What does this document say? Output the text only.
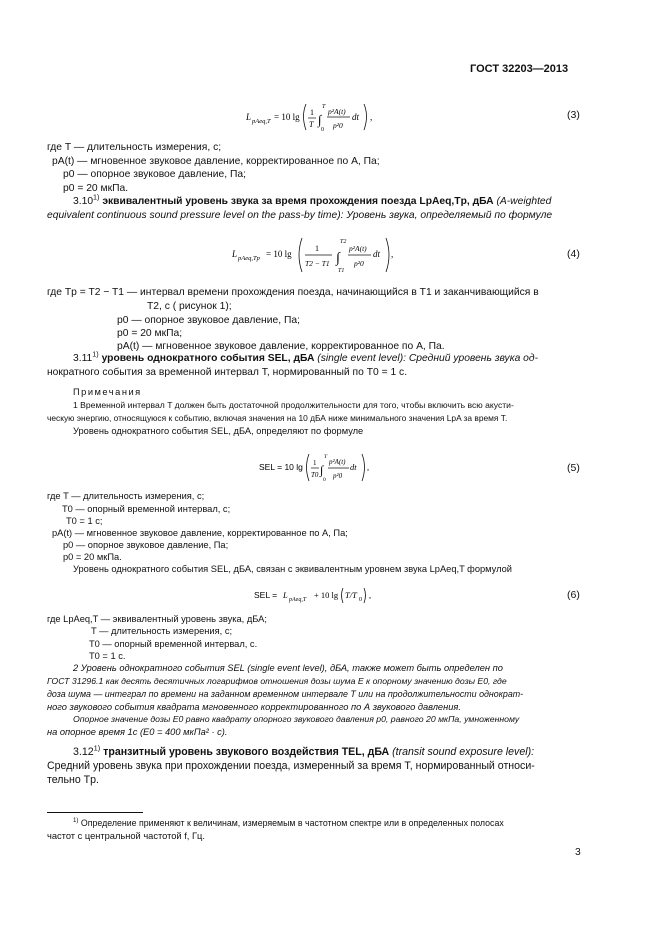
ГОСТ 32203—2013
L pAeq,T = 10 lg 1
T ∫
T
0
p²A(t)
p²0
dt ,	(3)
где T — длительность измерения, с;
pA(t) — мгновенное звуковое давление, корректированное по А, Па;
p0 — опорное звуковое давление, Па;
p0 = 20 мкПа.
3.10$^{1)}$ эквивалентный уровень звука за время прохождения поезда LpAeq,Tp, дБА (A-weighted
equivalent continuous sound pressure level on the pass-by time): Уровень звука, определяемый по формуле
L pAeq,Tp = 10 lg
1
T2 − T1 ∫
T2
T1
p²A(t)
p²0
dt ,	(4)
где Tp = T2 − T1 — интервал времени прохождения поезда, начинающийся в T1 и заканчивающийся в
T2, с ( рисунок 1);
p0 — опорное звуковое давление, Па;
p0 = 20 мкПа;
pA(t) — мгновенное звуковое давление, корректированное по А, Па.
3.11$^{1)}$ уровень однократного события SEL, дБА (single event level): Средний уровень звука од-
нократного события за временной интервал T, нормированный по T0 = 1 с.
Примечания
1 Временной интервал T должен быть достаточной продолжительности для того, чтобы включить всю акусти-
ческую энергию, относящуюся к событию, включая значения на 10 дБА ниже минимального значения LpA за время T.
Уровень однократного события SEL, дБА, определяют по формуле
SEL = 10 lg 1
T0 ∫
T
0
p²A(t)
p²0
dt ,	(5)
где T — длительность измерения, с;
T0 — опорный временной интервал, с;
T0 = 1 с;
pA(t) — мгновенное звуковое давление, корректированное по А, Па;
p0 — опорное звуковое давление, Па;
p0 = 20 мкПа.
Уровень однократного события SEL, дБА, связан с эквивалентным уровнем звука LpAeq,T формулой
SEL = L pAeq,T + 10 lg T/T 0 ,	(6)
где LpAeq,T — эквивалентный уровень звука, дБА;
T — длительность измерения, с;
T0 — опорный временной интервал, с.
T0 = 1 с.
2 Уровень однократного события SEL (single event level), дБА, также может быть определен по
ГОСТ 31296.1 как десять десятичных логарифмов отношения дозы шума E к опорному значению дозы E0, где
доза шума — интеграл по времени на заданном временном интервале T или на продолжительности однократ-
ного звукового события квадрата мгновенного корректированного по А звукового давления.
Опорное значение дозы E0 равно квадрату опорного звукового давления p0, равного 20 мкПа, умноженному
на опорное время 1с (E0 = 400 мкПа² · с).
3.12$^{1)}$ транзитный уровень звукового воздействия TEL, дБА (transit sound exposure level):
Средний уровень звука при прохождении поезда, измеренный за время T, нормированный относи-
тельно Tp.
$^{1)}$ Определение применяют к величинам, измеряемым в частотном спектре или в определенных полосах
частот с центральной частотой f, Гц.
3
